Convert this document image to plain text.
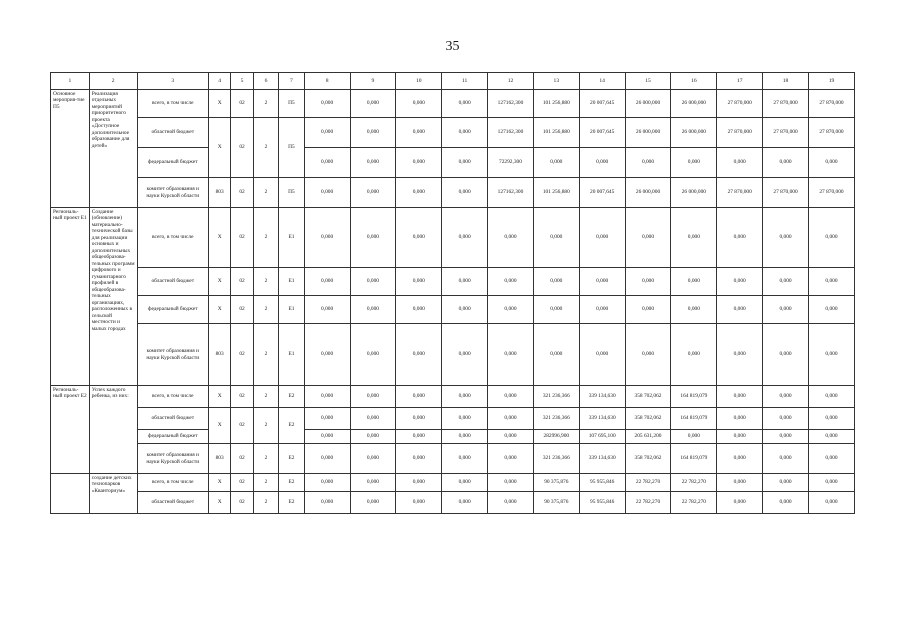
35
1	2	3	4	5	6	7	8	9	10	11	12	13	14	15	16	17	18	19
Основное мероприя-тие П5	Реализация отдельных мероприятий приоритетного проекта «Доступное дополнительное образование для детей»	всего, в том числе	X	02	2	П5	0,000	0,000	0,000	0,000	127162,300	101 256,880	20 007,645	26 000,000	26 000,000	27 870,000	27 870,000	27 870,000
		областной бюджет	X	02	2	П5	0,000	0,000	0,000	0,000	127162,300	101 256,880	20 007,645	26 000,000	26 000,000	27 870,000	27 870,000	27 870,000
		федеральный бюджет					0,000	0,000	0,000	0,000	72292,300	0,000	0,000	0,000	0,000	0,000	0,000	0,000
		комитет образования и науки Курской области	803	02	2	П5	0,000	0,000	0,000	0,000	127162,300	101 256,880	20 007,645	26 000,000	26 000,000	27 870,000	27 870,000	27 870,000
Региональ-ный проект Е1	Создание (обновление) материально-технической базы для реализации основных и дополнительных общеобразова-тельных программ цифрового и гуманитарного профилей в общеобразова-тельных организациях, расположенных в сельской местности и малых городах	всего, в том числе	X	02	2	Е1	0,000	0,000	0,000	0,000	0,000	0,000	0,000	0,000	0,000	0,000	0,000	0,000
		областной бюджет	X	02	2	Е1	0,000	0,000	0,000	0,000	0,000	0,000	0,000	0,000	0,000	0,000	0,000	0,000
		федеральный бюджет	X	02	2	Е1	0,000	0,000	0,000	0,000	0,000	0,000	0,000	0,000	0,000	0,000	0,000	0,000
		комитет образования и науки Курской области	803	02	2	Е1	0,000	0,000	0,000	0,000	0,000	0,000	0,000	0,000	0,000	0,000	0,000	0,000
Региональ-ный проект Е2	Успех каждого ребенка, из них:	всего, в том числе	X	02	2	Е2	0,000	0,000	0,000	0,000	0,000	321 236,366	339 134,630	358 702,062	164 819,079	0,000	0,000	0,000
		областной бюджет	X	02	2	Е2	0,000	0,000	0,000	0,000	0,000	321 236,366	339 134,630	358 702,062	164 819,079	0,000	0,000	0,000
		федеральный бюджет					0,000	0,000	0,000	0,000	0,000	282996,900	107 695,100	205 631,200	0,000	0,000	0,000	0,000
		комитет образования и науки Курской области	803	02	2	Е2	0,000	0,000	0,000	0,000	0,000	321 236,366	339 134,630	358 702,062	164 819,079	0,000	0,000	0,000
	создание детских технопарков «Кванториум»	всего, в том числе	X	02	2	Е2	0,000	0,000	0,000	0,000	0,000	90 375,876	95 955,846	22 782,270	22 782,270	0,000	0,000	0,000
		областной бюджет	X	02	2	Е2	0,000	0,000	0,000	0,000	0,000	90 375,876	95 955,846	22 782,270	22 782,270	0,000	0,000	0,000
